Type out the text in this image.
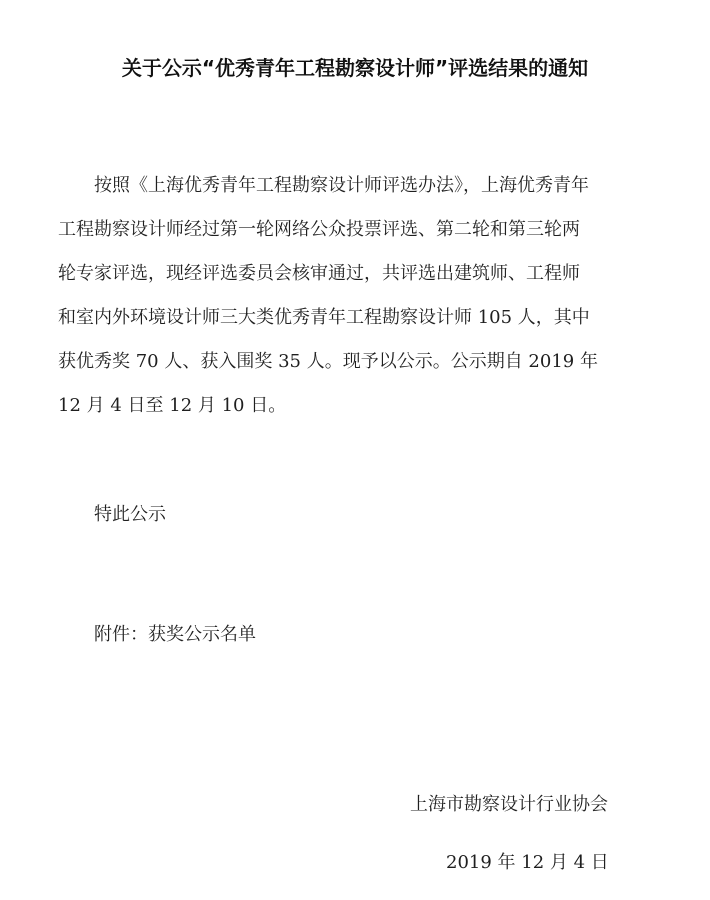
关于公示“优秀青年工程勘察设计师”评选结果的通知
按照《上海优秀青年工程勘察设计师评选办法》，上海优秀青年
工程勘察设计师经过第一轮网络公众投票评选、第二轮和第三轮两
轮专家评选，现经评选委员会核审通过，共评选出建筑师、工程师
和室内外环境设计师三大类优秀青年工程勘察设计师 105 人，其中
获优秀奖 70 人、获入围奖 35 人。现予以公示。公示期自 2019 年
12 月 4 日至 12 月 10 日。
特此公示
附件：获奖公示名单
上海市勘察设计行业协会
2019 年 12 月 4 日
